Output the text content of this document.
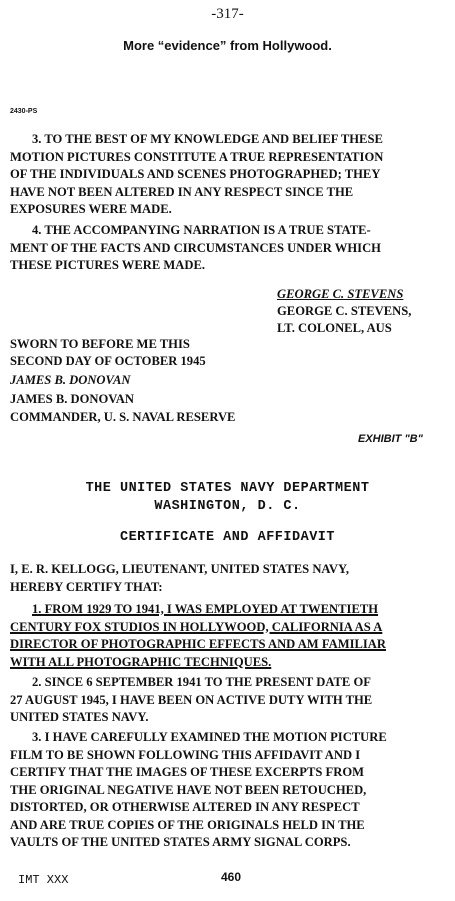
-317-
More “evidence” from Hollywood.
2430-PS
3. TO THE BEST OF MY KNOWLEDGE AND BELIEF THESE
MOTION PICTURES CONSTITUTE A TRUE REPRESENTATION
OF THE INDIVIDUALS AND SCENES PHOTOGRAPHED; THEY
HAVE NOT BEEN ALTERED IN ANY RESPECT SINCE THE
EXPOSURES WERE MADE.
4. THE ACCOMPANYING NARRATION IS A TRUE STATE-
MENT OF THE FACTS AND CIRCUMSTANCES UNDER WHICH
THESE PICTURES WERE MADE.
GEORGE C. STEVENS
GEORGE C. STEVENS,
LT. COLONEL, AUS
SWORN TO BEFORE ME THIS
SECOND DAY OF OCTOBER 1945
JAMES B. DONOVAN
JAMES B. DONOVAN
COMMANDER, U. S. NAVAL RESERVE
EXHIBIT "B"
THE UNITED STATES NAVY DEPARTMENT
WASHINGTON, D. C.
CERTIFICATE AND AFFIDAVIT
I, E. R. KELLOGG, LIEUTENANT, UNITED STATES NAVY,
HEREBY CERTIFY THAT:
1. FROM 1929 TO 1941, I WAS EMPLOYED AT TWENTIETH
CENTURY FOX STUDIOS IN HOLLYWOOD, CALIFORNIA AS A
DIRECTOR OF PHOTOGRAPHIC EFFECTS AND AM FAMILIAR
WITH ALL PHOTOGRAPHIC TECHNIQUES.
2. SINCE 6 SEPTEMBER 1941 TO THE PRESENT DATE OF
27 AUGUST 1945, I HAVE BEEN ON ACTIVE DUTY WITH THE
UNITED STATES NAVY.
3. I HAVE CAREFULLY EXAMINED THE MOTION PICTURE
FILM TO BE SHOWN FOLLOWING THIS AFFIDAVIT AND I
CERTIFY THAT THE IMAGES OF THESE EXCERPTS FROM
THE ORIGINAL NEGATIVE HAVE NOT BEEN RETOUCHED,
DISTORTED, OR OTHERWISE ALTERED IN ANY RESPECT
AND ARE TRUE COPIES OF THE ORIGINALS HELD IN THE
VAULTS OF THE UNITED STATES ARMY SIGNAL CORPS.
IMT XXX	460
